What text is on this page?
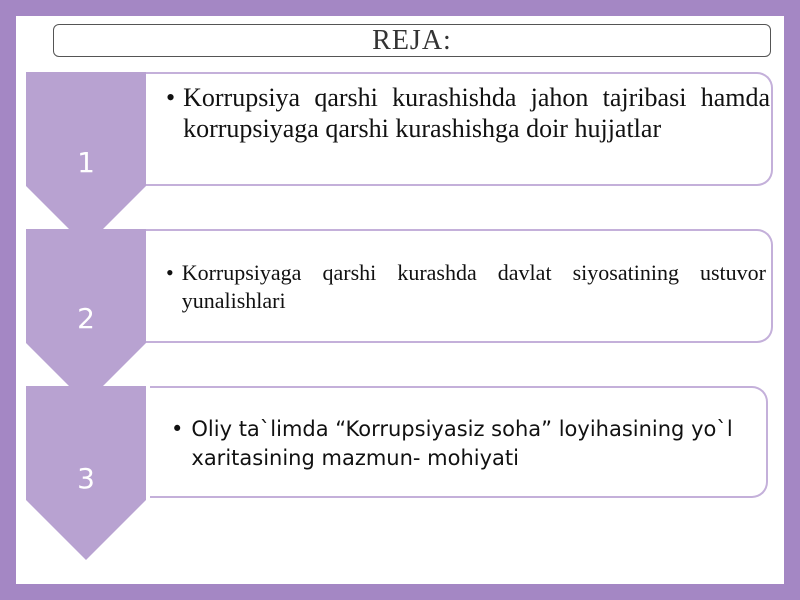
REJA:
1
2
3
• Korrupsiya qarshi kurashishda jahon tajribasi hamda korrupsiyaga qarshi kurashishga doir hujjatlar
• Korrupsiyaga qarshi kurashda davlat siyosatining ustuvor yunalishlari
• Oliy ta`limda “Korrupsiyasiz soha” loyihasining yo`l xaritasining mazmun- mohiyati
